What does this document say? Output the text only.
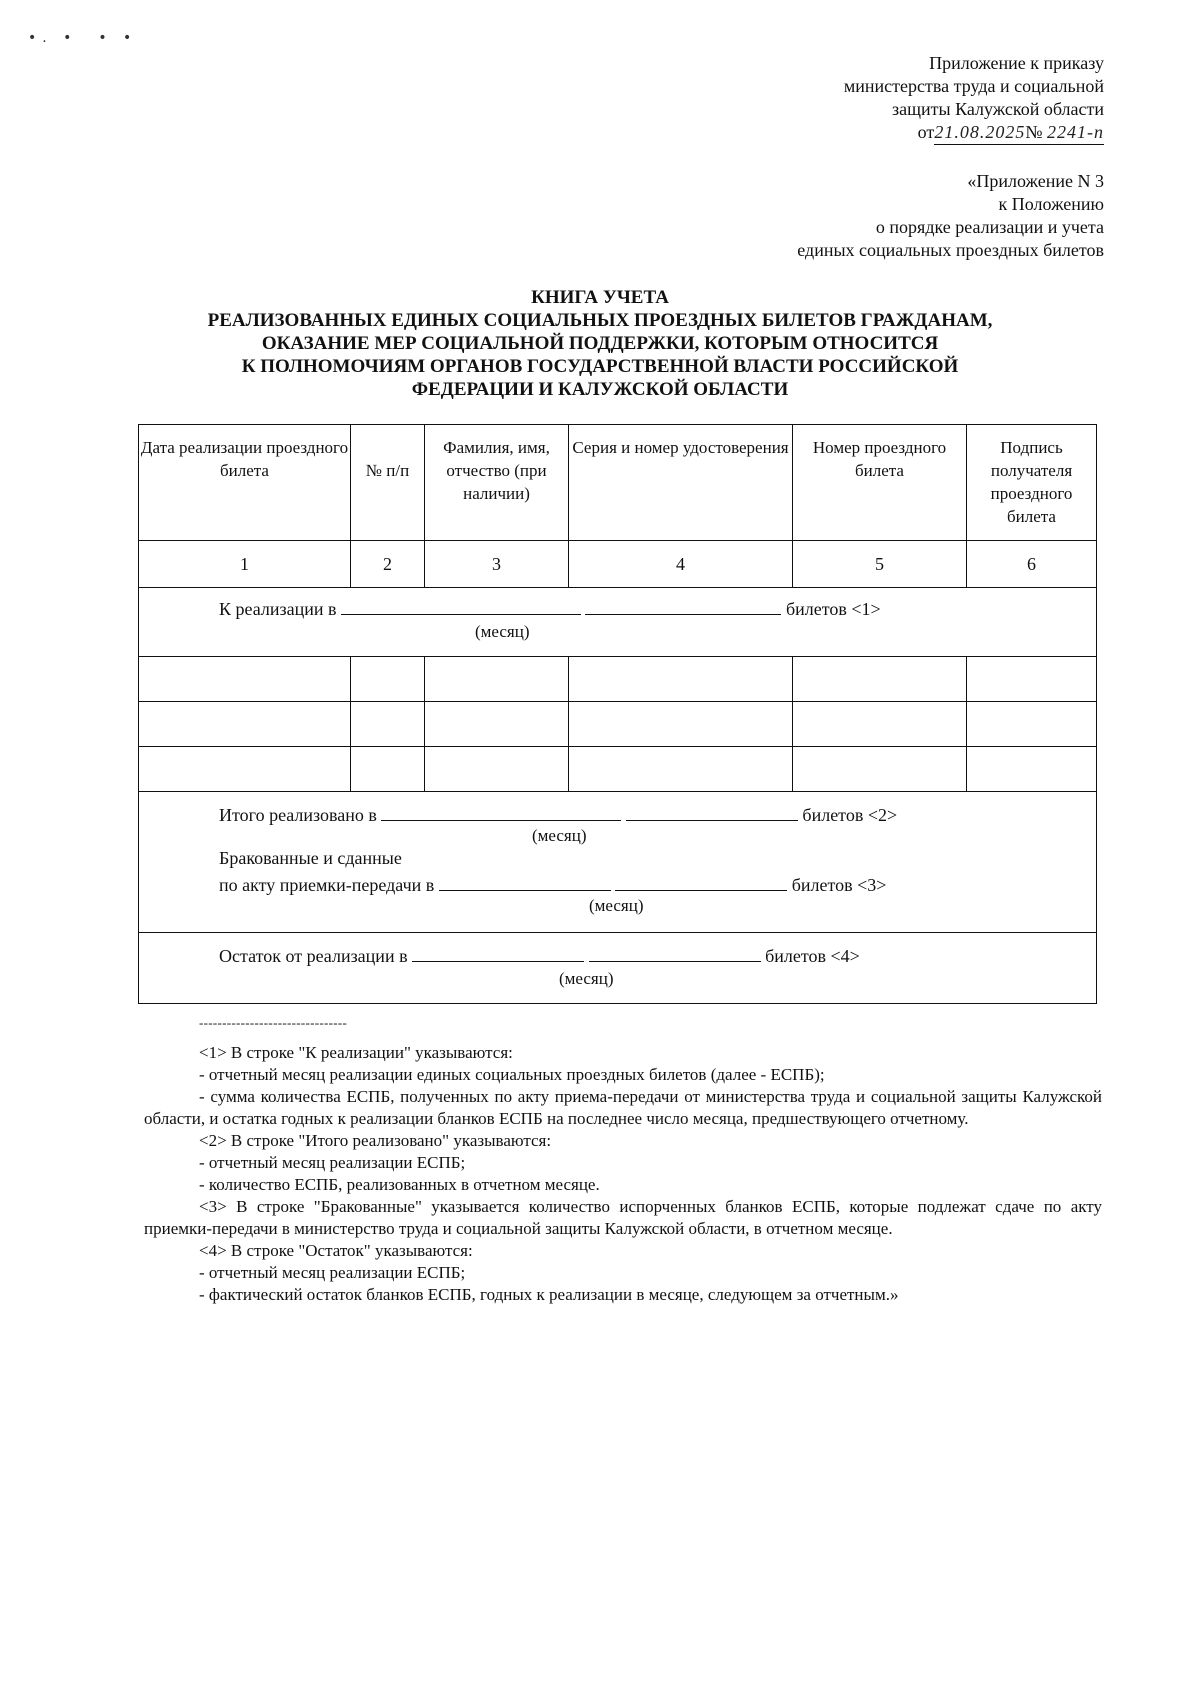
•. •  • •
Приложение к приказу
министерства труда и социальной
защиты Калужской области
от21.08.2025№ 2241-п
«Приложение N 3
к Положению
о порядке реализации и учета
единых социальных проездных билетов
КНИГА УЧЕТА
РЕАЛИЗОВАННЫХ ЕДИНЫХ СОЦИАЛЬНЫХ ПРОЕЗДНЫХ БИЛЕТОВ ГРАЖДАНАМ,
ОКАЗАНИЕ МЕР СОЦИАЛЬНОЙ ПОДДЕРЖКИ, КОТОРЫМ ОТНОСИТСЯ
К ПОЛНОМОЧИЯМ ОРГАНОВ ГОСУДАРСТВЕННОЙ ВЛАСТИ РОССИЙСКОЙ
ФЕДЕРАЦИИ И КАЛУЖСКОЙ ОБЛАСТИ
Дата реализации проездного билета	№ п/п	Фамилия, имя, отчество (при наличии)	Серия и номер удостоверения	Номер проездного билета	Подпись получателя проездного билета
1	2	3	4	5	6

К реализации в билетов <1>
(месяц)					

Итого реализовано в билетов <2>
(месяц)
Бракованные и сданные
по акту приемки-передачи в билетов <3>
(месяц)					

Остаток от реализации в билетов <4>
(месяц)					
--------------------------------

<1> В строке "К реализации" указываются:

- отчетный месяц реализации единых социальных проездных билетов (далее - ЕСПБ);

- сумма количества ЕСПБ, полученных по акту приема-передачи от министерства труда и социальной защиты Калужской области, и остатка годных к реализации бланков ЕСПБ на последнее число месяца, предшествующего отчетному.

<2> В строке "Итого реализовано" указываются:

- отчетный месяц реализации ЕСПБ;

- количество ЕСПБ, реализованных в отчетном месяце.

<3> В строке "Бракованные" указывается количество испорченных бланков ЕСПБ, которые подлежат сдаче по акту приемки-передачи в министерство труда и социальной защиты Калужской области, в отчетном месяце.

<4> В строке "Остаток" указываются:

- отчетный месяц реализации ЕСПБ;

- фактический остаток бланков ЕСПБ, годных к реализации в месяце, следующем за отчетным.»
